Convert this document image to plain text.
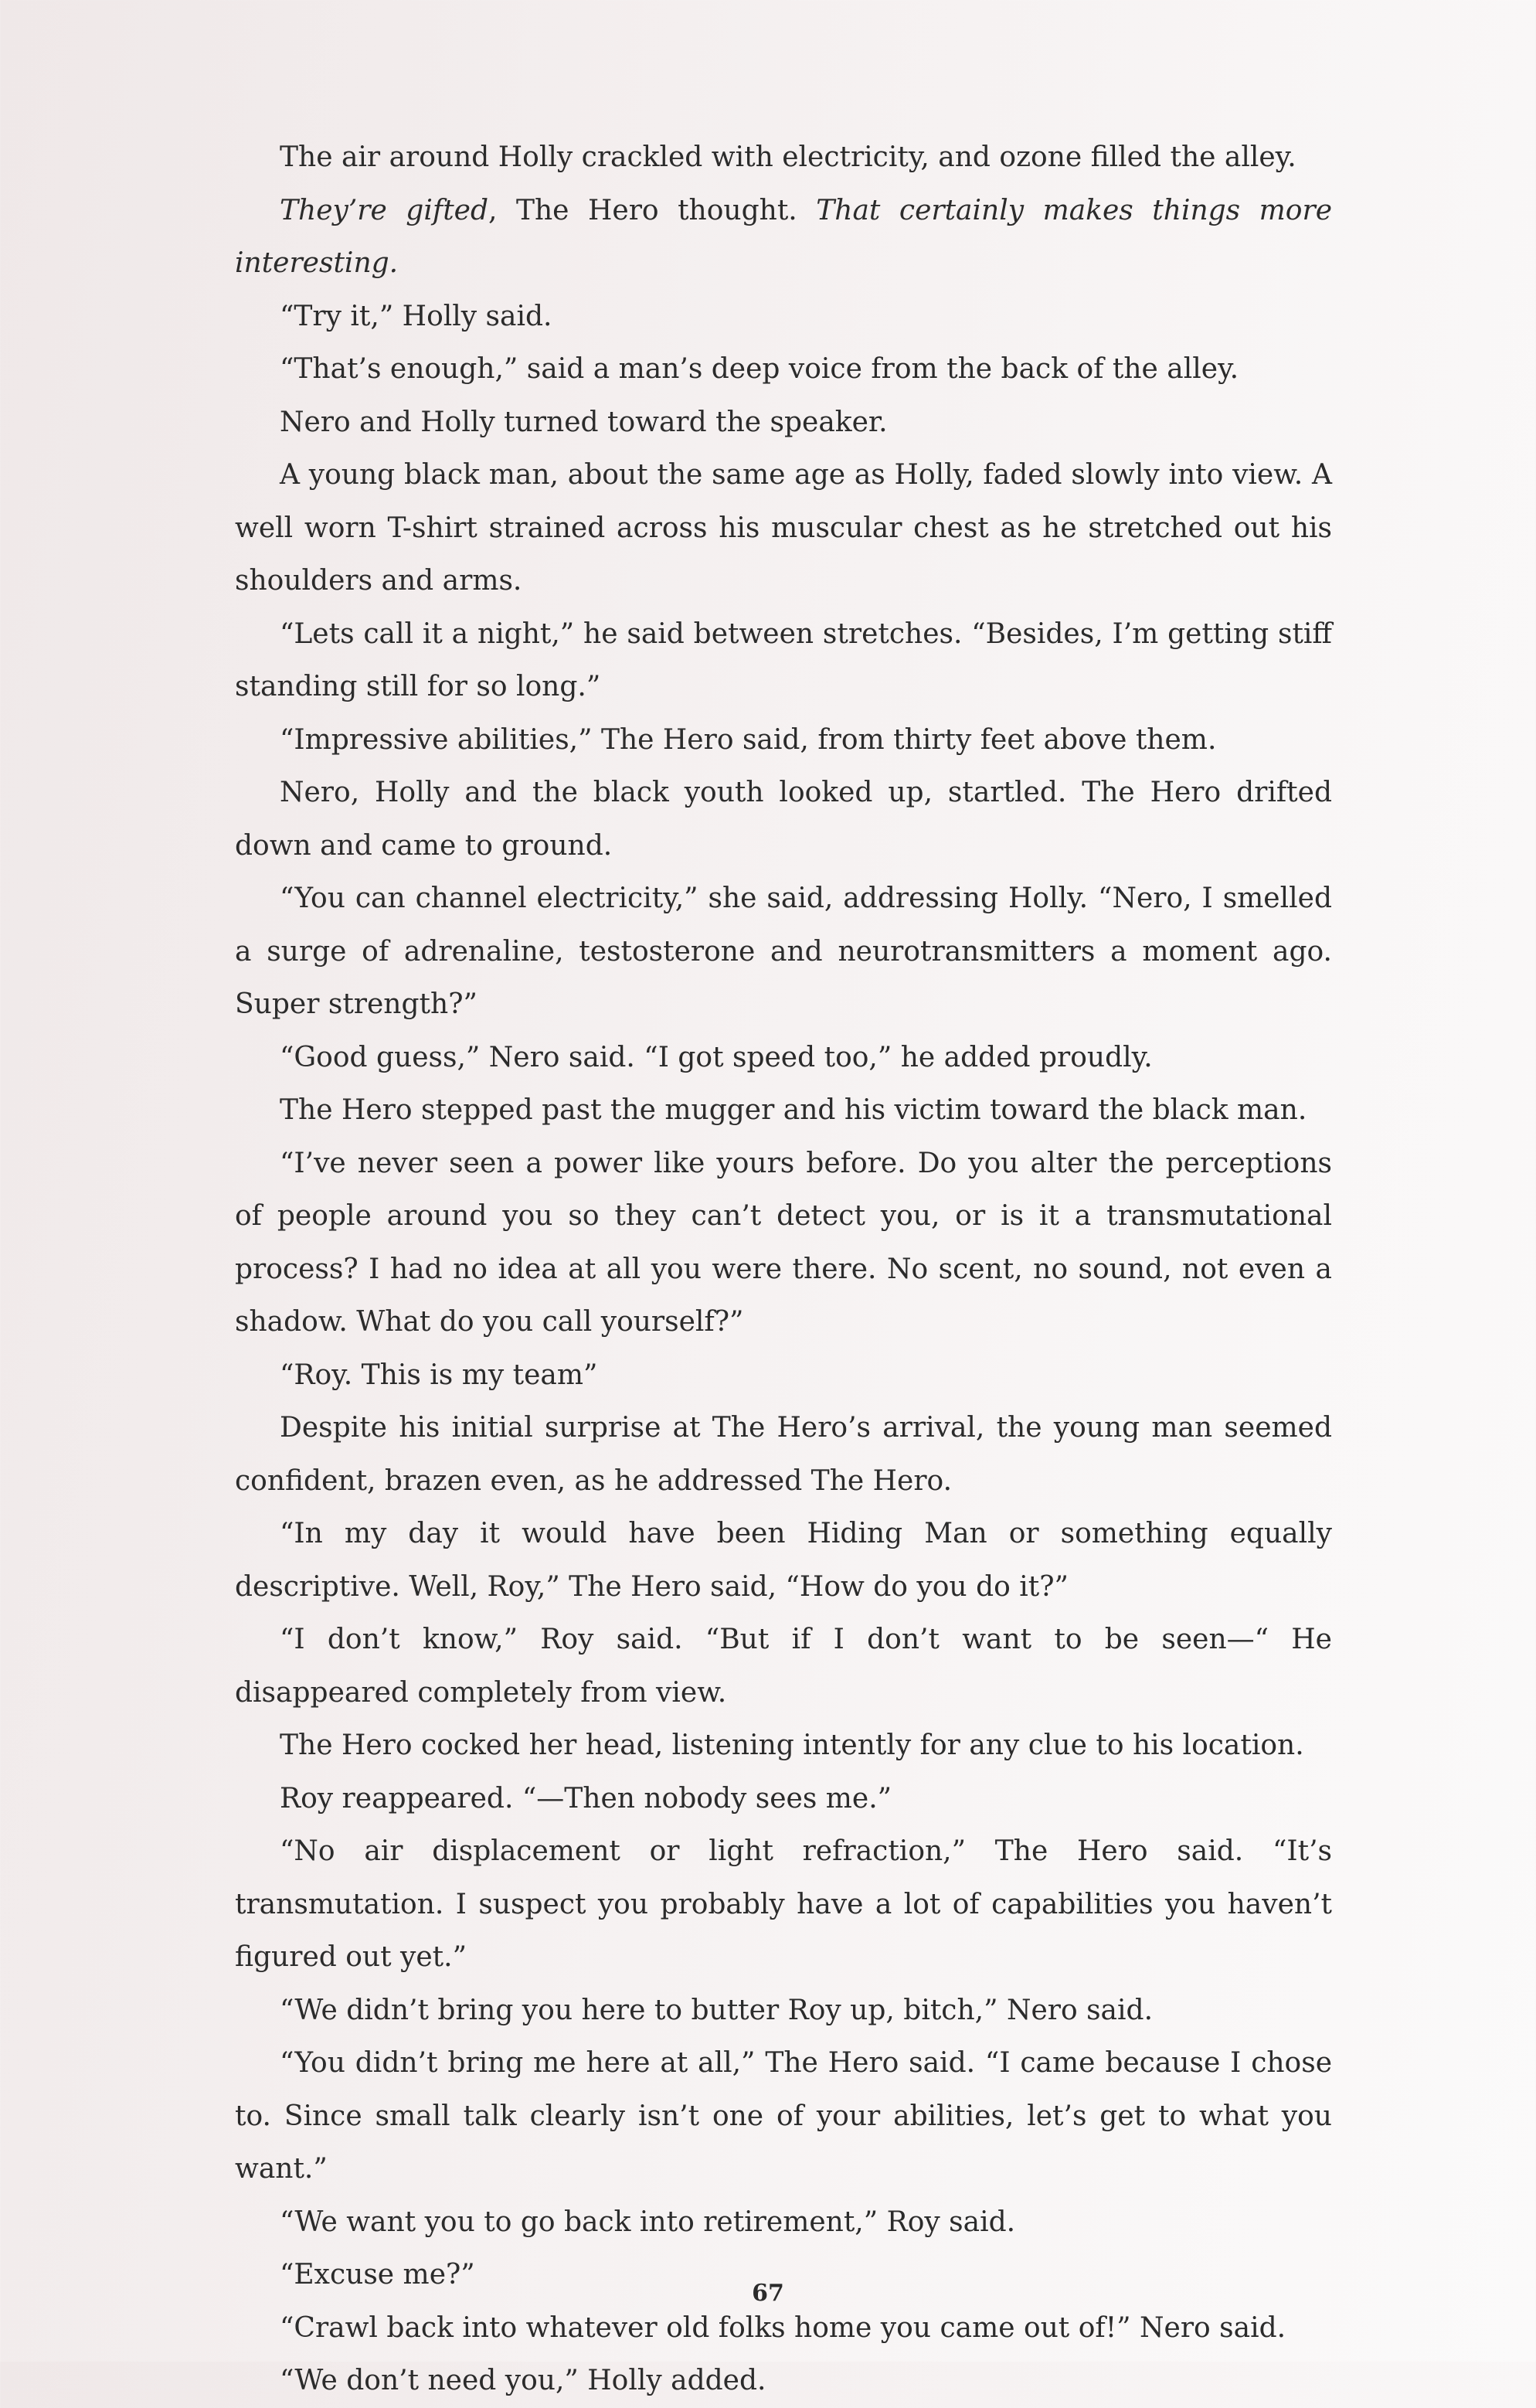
The air around Holly crackled with electricity, and ozone filled the alley.

They’re gifted, The Hero thought. That certainly makes things more interesting.

“Try it,” Holly said.

“That’s enough,” said a man’s deep voice from the back of the alley.

Nero and Holly turned toward the speaker.

A young black man, about the same age as Holly, faded slowly into view. A well worn T-shirt strained across his muscular chest as he stretched out his shoulders and arms.

“Lets call it a night,” he said between stretches. “Besides, I’m getting stiff standing still for so long.”

“Impressive abilities,” The Hero said, from thirty feet above them.

Nero, Holly and the black youth looked up, startled. The Hero drifted down and came to ground.

“You can channel electricity,” she said, addressing Holly. “Nero, I smelled a surge of adrenaline, testosterone and neurotransmitters a moment ago. Super strength?”

“Good guess,” Nero said. “I got speed too,” he added proudly.

The Hero stepped past the mugger and his victim toward the black man.

“I’ve never seen a power like yours before. Do you alter the perceptions of people around you so they can’t detect you, or is it a transmutational process? I had no idea at all you were there. No scent, no sound, not even a shadow. What do you call yourself?”

“Roy. This is my team”

Despite his initial surprise at The Hero’s arrival, the young man seemed confident, brazen even, as he addressed The Hero.

“In my day it would have been Hiding Man or something equally descriptive. Well, Roy,” The Hero said, “How do you do it?”

“I don’t know,” Roy said. “But if I don’t want to be seen—“ He disappeared completely from view.

The Hero cocked her head, listening intently for any clue to his location.

Roy reappeared. “—Then nobody sees me.”

“No air displacement or light refraction,” The Hero said. “It’s transmutation. I suspect you probably have a lot of capabilities you haven’t figured out yet.”

“We didn’t bring you here to butter Roy up, bitch,” Nero said.

“You didn’t bring me here at all,” The Hero said. “I came because I chose to. Since small talk clearly isn’t one of your abilities, let’s get to what you want.”

“We want you to go back into retirement,” Roy said.

“Excuse me?”

“Crawl back into whatever old folks home you came out of!” Nero said.

“We don’t need you,” Holly added.

67
